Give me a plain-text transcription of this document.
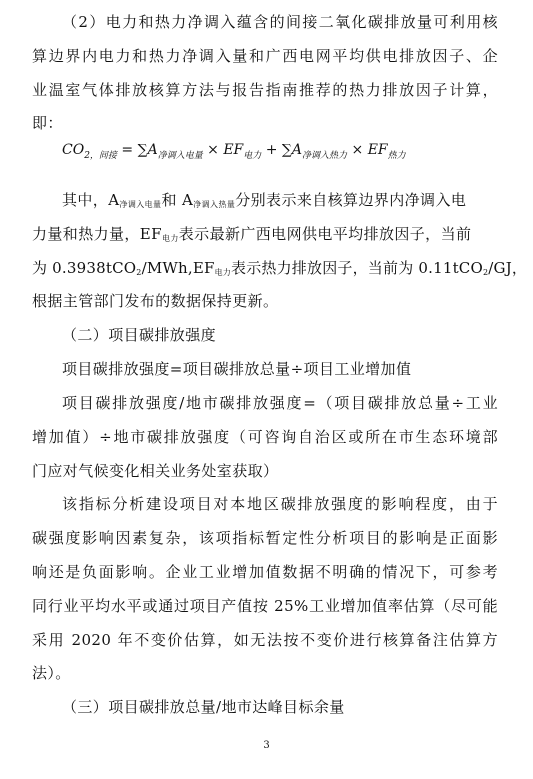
（2）电力和热力净调入蕴含的间接二氧化碳排放量可利用核
算边界内电力和热力净调入量和广西电网平均供电排放因子、企
业温室气体排放核算方法与报告指南推荐的热力排放因子计算，
即：
$CO_{2,间接} = \sum A_{净调入电量} \times EF_{电力} + \sum A_{净调入热力} \times EF_{热力}$
其中，$A_{净调入电量}$和 $A_{净调入热量}$分别表示来自核算边界内净调入电
力量和热力量，$EF_{电力}$表示最新广西电网供电平均排放因子，当前
为 $0.3938tCO_2/MWh,EF_{电力}$表示热力排放因子，当前为 0.11tCO$_2$/GJ，
根据主管部门发布的数据保持更新。
（二）项目碳排放强度
项目碳排放强度=项目碳排放总量÷项目工业增加值
项目碳排放强度/地市碳排放强度=（项目碳排放总量÷工业
增加值）÷地市碳排放强度（可咨询自治区或所在市生态环境部
门应对气候变化相关业务处室获取）
该指标分析建设项目对本地区碳排放强度的影响程度，由于
碳强度影响因素复杂，该项指标暂定性分析项目的影响是正面影
响还是负面影响。企业工业增加值数据不明确的情况下，可参考
同行业平均水平或通过项目产值按 25%工业增加值率估算（尽可能
采用 2020 年不变价估算，如无法按不变价进行核算备注估算方
法）。
（三）项目碳排放总量/地市达峰目标余量
3
